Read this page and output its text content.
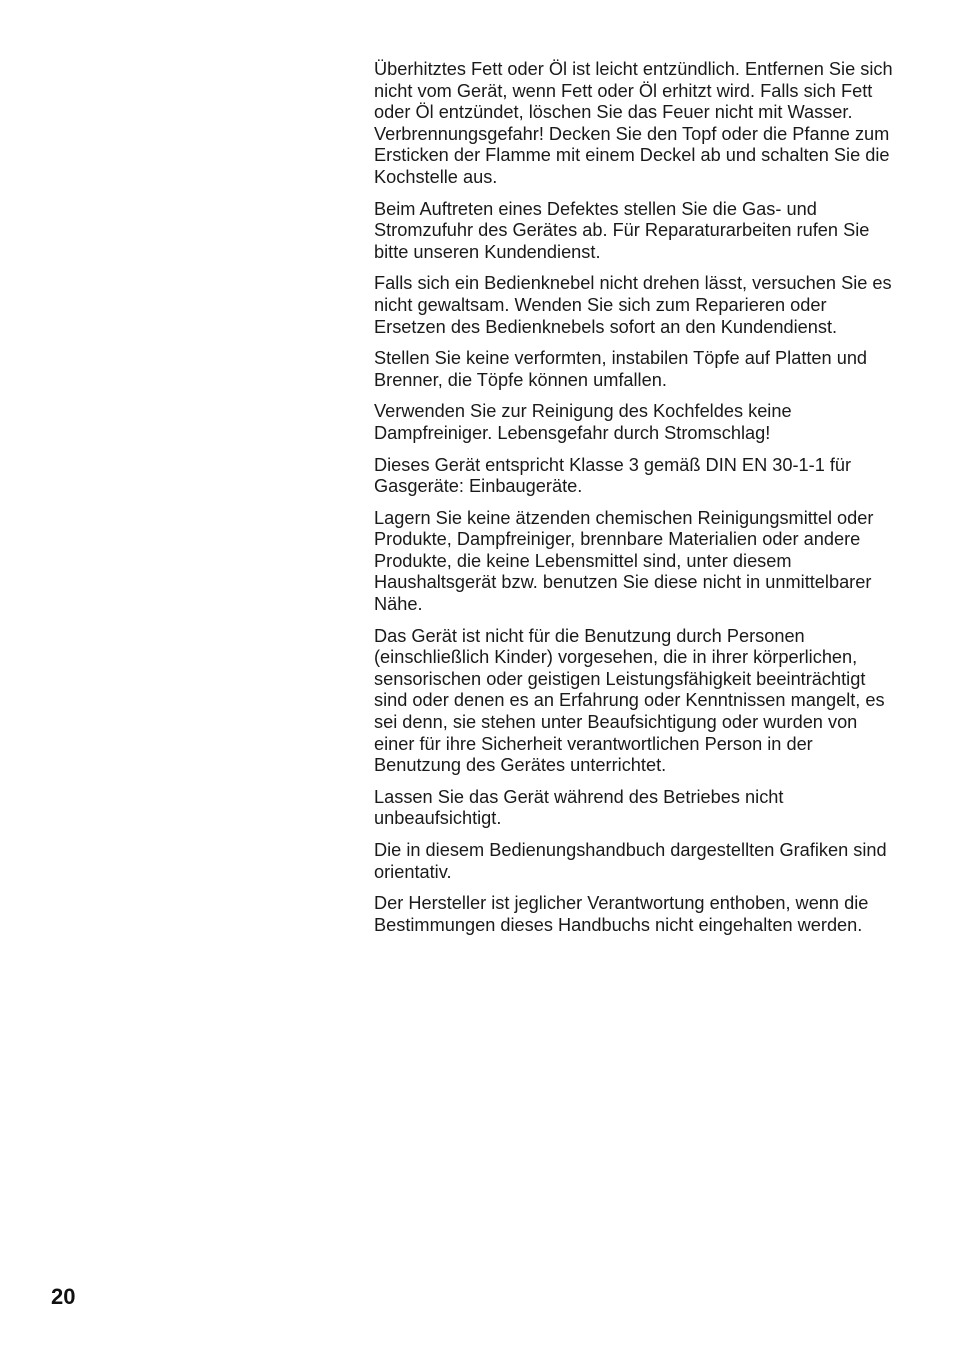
Überhitztes Fett oder Öl ist leicht entzündlich. Entfernen Sie sich nicht vom Gerät, wenn Fett oder Öl erhitzt wird. Falls sich Fett oder Öl entzündet, löschen Sie das Feuer nicht mit Wasser. Verbrennungsgefahr! Decken Sie den Topf oder die Pfanne zum Ersticken der Flamme mit einem Deckel ab und schalten Sie die Kochstelle aus.

Beim Auftreten eines Defektes stellen Sie die Gas- und Stromzufuhr des Gerätes ab. Für Reparaturarbeiten rufen Sie bitte unseren Kundendienst.

Falls sich ein Bedienknebel nicht drehen lässt, versuchen Sie es nicht gewaltsam. Wenden Sie sich zum Reparieren oder Ersetzen des Bedienknebels sofort an den Kundendienst.

Stellen Sie keine verformten, instabilen Töpfe auf Platten und Brenner, die Töpfe können umfallen.

Verwenden Sie zur Reinigung des Kochfeldes keine Dampfreiniger. Lebensgefahr durch Stromschlag!

Dieses Gerät entspricht Klasse 3 gemäß DIN EN 30-1-1 für Gasgeräte: Einbaugeräte.

Lagern Sie keine ätzenden chemischen Reinigungsmittel oder Produkte, Dampfreiniger, brennbare Materialien oder andere Produkte, die keine Lebensmittel sind, unter diesem Haushaltsgerät bzw. benutzen Sie diese nicht in unmittelbarer Nähe.

Das Gerät ist nicht für die Benutzung durch Personen (einschließlich Kinder) vorgesehen, die in ihrer körperlichen, sensorischen oder geistigen Leistungsfähigkeit beeinträchtigt sind oder denen es an Erfahrung oder Kenntnissen mangelt, es sei denn, sie stehen unter Beaufsichtigung oder wurden von einer für ihre Sicherheit verantwortlichen Person in der Benutzung des Gerätes unterrichtet.

Lassen Sie das Gerät während des Betriebes nicht unbeaufsichtigt.

Die in diesem Bedienungshandbuch dargestellten Grafiken sind orientativ.

Der Hersteller ist jeglicher Verantwortung enthoben, wenn die Bestimmungen dieses Handbuchs nicht eingehalten werden.

20
